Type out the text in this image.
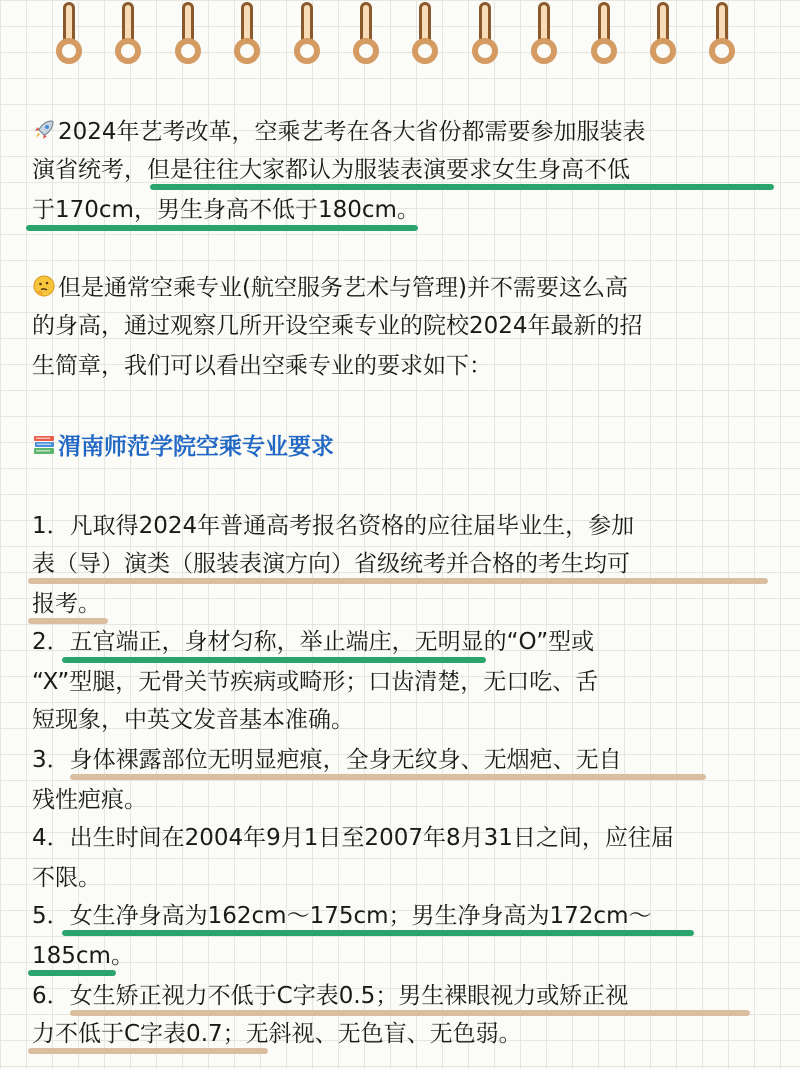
2024年艺考改革，空乘艺考在各大省份都需要参加服装表
演省统考，但是往往大家都认为服装表演要求女生身高不低
于170cm，男生身高不低于180cm。
但是通常空乘专业(航空服务艺术与管理)并不需要这么高
的身高，通过观察几所开设空乘专业的院校2024年最新的招
生简章，我们可以看出空乘专业的要求如下：
渭南师范学院空乘专业要求
1．凡取得2024年普通高考报名资格的应往届毕业生，参加
表（导）演类（服装表演方向）省级统考并合格的考生均可
报考。
2．五官端正，身材匀称，举止端庄，无明显的“O”型或
“X”型腿，无骨关节疾病或畸形；口齿清楚，无口吃、舌
短现象，中英文发音基本准确。
3．身体裸露部位无明显疤痕，全身无纹身、无烟疤、无自
残性疤痕。
4．出生时间在2004年9月1日至2007年8月31日之间，应往届
不限。
5．女生净身高为162cm～175cm；男生净身高为172cm～
185cm。
6．女生矫正视力不低于C字表0.5；男生裸眼视力或矫正视
力不低于C字表0.7；无斜视、无色盲、无色弱。
